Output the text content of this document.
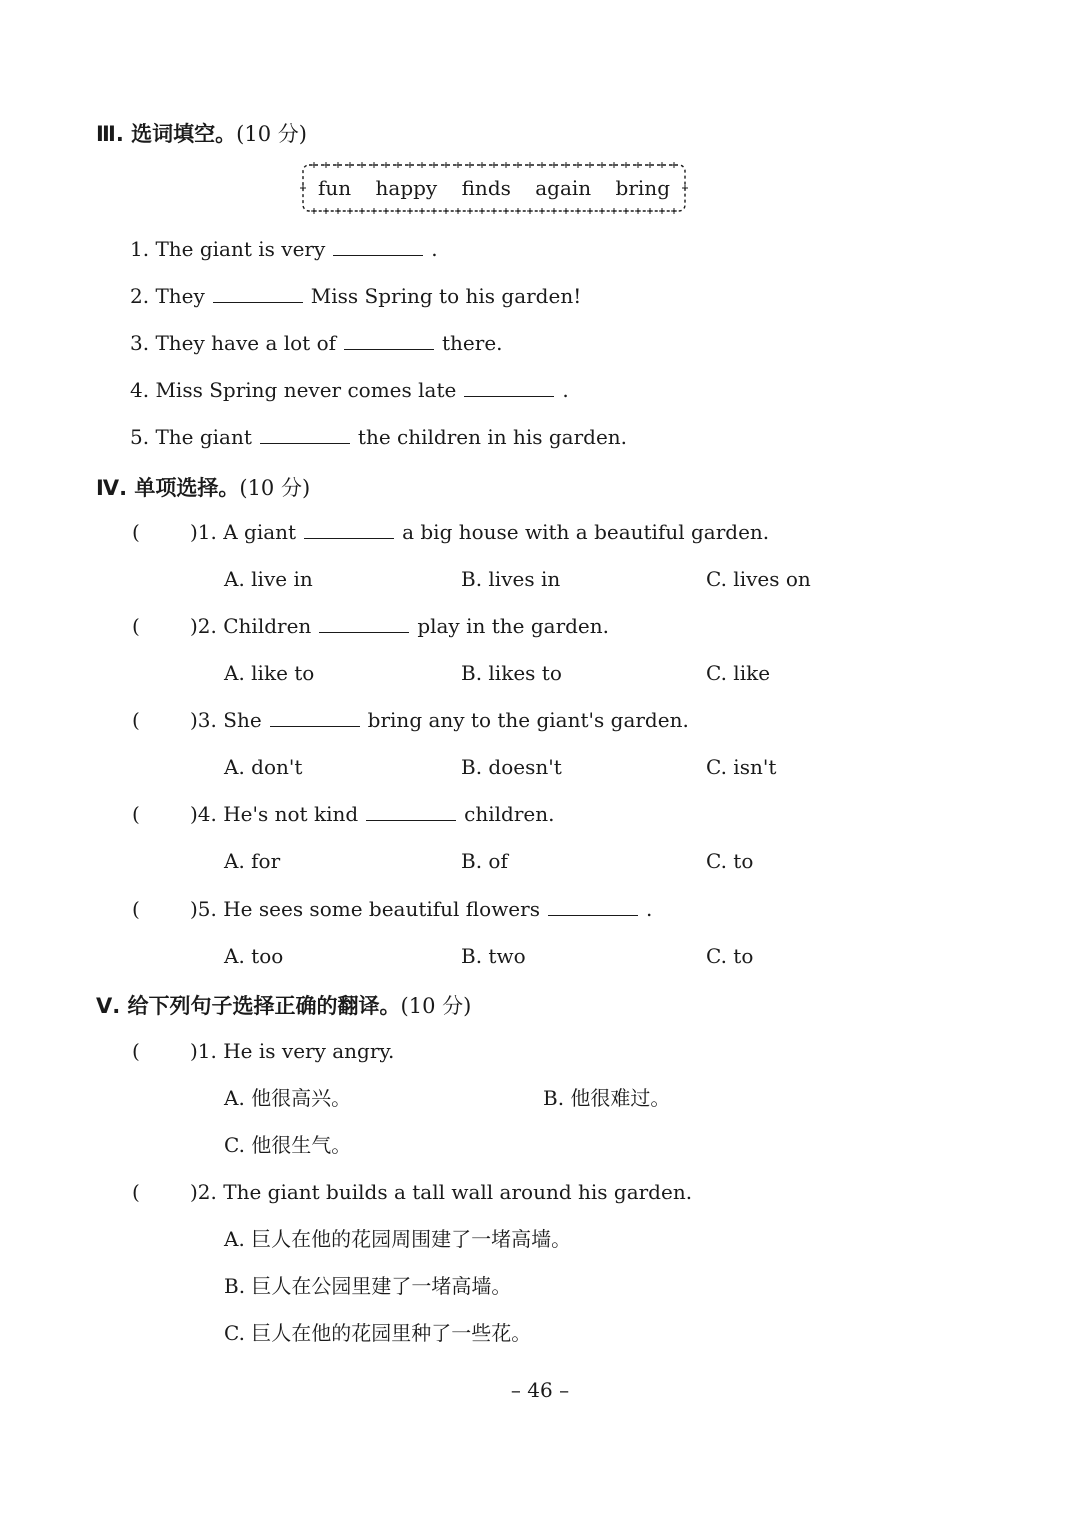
Ⅲ. 选词填空。(10 分)
fun happy finds again bring
1. The giant is very	.
2. They	Miss Spring to his garden!
3. They have a lot of	there.
4. Miss Spring never comes late	.
5. The giant	the children in his garden.
Ⅳ. 单项选择。(10 分)
(	)1. A giant	a big house with a beautiful garden.
A. live in	B. lives in	C. lives on
(	)2. Children	play in the garden.
A. like to	B. likes to	C. like
(	)3. She	bring any to the giant's garden.
A. don't	B. doesn't	C. isn't
(	)4. He's not kind	children.
A. for	B. of	C. to
(	)5. He sees some beautiful flowers	.
A. too	B. two	C. to
Ⅴ. 给下列句子选择正确的翻译。(10 分)
(	)1. He is very angry.
A. 他很高兴。	B. 他很难过。
C. 他很生气。
(	)2. The giant builds a tall wall around his garden.
A. 巨人在他的花园周围建了一堵高墙。
B. 巨人在公园里建了一堵高墙。
C. 巨人在他的花园里种了一些花。
– 46 –
